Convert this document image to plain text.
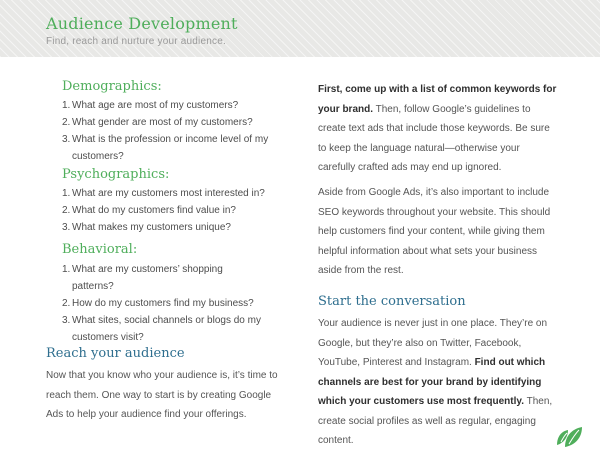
Audience Development
Find, reach and nurture your audience.
Demographics:
1. What age are most of my customers?
2. What gender are most of my customers?
3. What is the profession or income level of my customers?
Psychographics:
1. What are my customers most interested in?
2. What do my customers find value in?
3. What makes my customers unique?
Behavioral:
1. What are my customers’ shopping patterns?
2. How do my customers find my business?
3. What sites, social channels or blogs do my customers visit?
Reach your audience

Now that you know who your audience is, it’s time to reach them. One way to start is by creating Google Ads to help your audience find your offerings.

First, come up with a list of common keywords for your brand. Then, follow Google’s guidelines to create text ads that include those keywords. Be sure to keep the language natural—otherwise your carefully crafted ads may end up ignored.

Aside from Google Ads, it’s also important to include SEO keywords throughout your website. This should help customers find your content, while giving them helpful information about what sets your business aside from the rest.

Start the conversation

Your audience is never just in one place. They’re on Google, but they’re also on Twitter, Facebook, YouTube, Pinterest and Instagram. Find out which channels are best for your brand by identifying which your customers use most frequently. Then, create social profiles as well as regular, engaging content.
